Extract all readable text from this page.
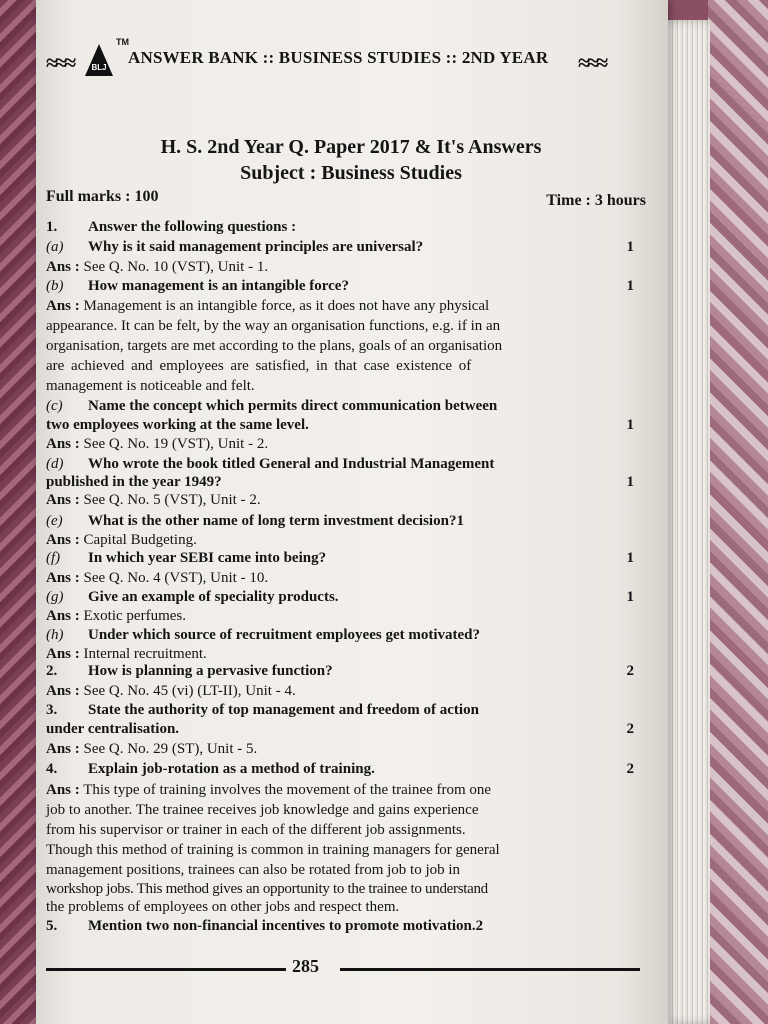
≈≈≈ BLJ
TM
ANSWER BANK :: BUSINESS STUDIES :: 2ND YEAR ≈≈≈
H. S. 2nd Year Q. Paper 2017 & It's Answers
Subject : Business Studies
Full marks : 100	Time : 3 hours
1. Answer the following questions :
(a) Why is it said management principles are universal?	1
Ans : See Q. No. 10 (VST), Unit - 1.
(b) How management is an intangible force?	1
Ans : Management is an intangible force, as it does not have any physical
appearance. It can be felt, by the way an organisation functions, e.g. if in an
organisation, targets are met according to the plans, goals of an organisation
are achieved and employees are satisfied, in that case existence of
management is noticeable and felt.
(c) Name the concept which permits direct communication between
two employees working at the same level.	1
Ans : See Q. No. 19 (VST), Unit - 2.
(d) Who wrote the book titled General and Industrial Management
published in the year 1949?	1
Ans : See Q. No. 5 (VST), Unit - 2.
(e) What is the other name of long term investment decision?1
Ans : Capital Budgeting.
(f) In which year SEBI came into being?	1
Ans : See Q. No. 4 (VST), Unit - 10.
(g) Give an example of speciality products.	1
Ans : Exotic perfumes.
(h) Under which source of recruitment employees get motivated?
Ans : Internal recruitment.
2. How is planning a pervasive function?	2
Ans : See Q. No. 45 (vi) (LT-II), Unit - 4.
3. State the authority of top management and freedom of action
under centralisation.	2
Ans : See Q. No. 29 (ST), Unit - 5.
4. Explain job-rotation as a method of training.	2
Ans : This type of training involves the movement of the trainee from one
job to another. The trainee receives job knowledge and gains experience
from his supervisor or trainer in each of the different job assignments.
Though this method of training is common in training managers for general
management positions, trainees can also be rotated from job to job in
workshop jobs. This method gives an opportunity to the trainee to understand
the problems of employees on other jobs and respect them.
5. Mention two non-financial incentives to promote motivation.2
285
